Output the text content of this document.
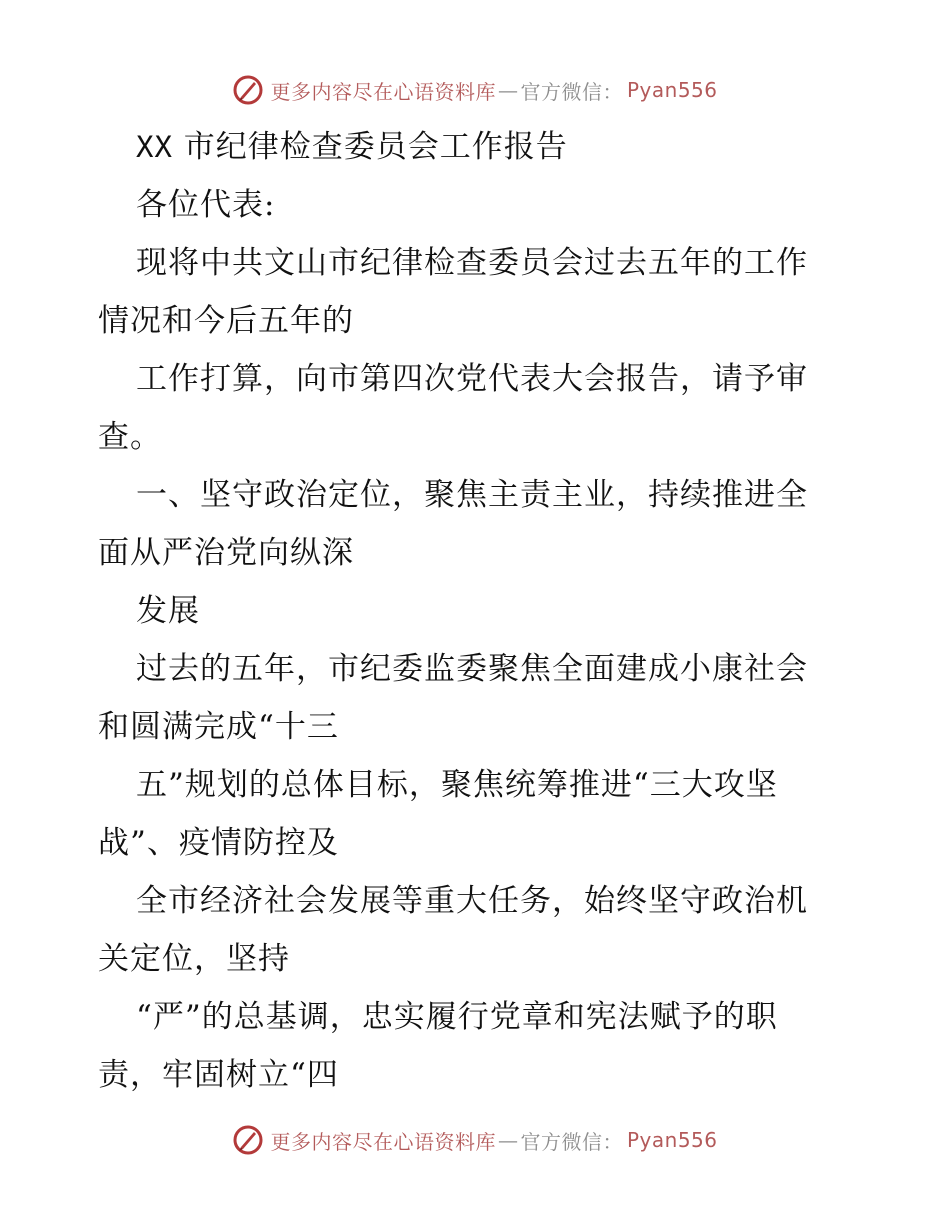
更多内容尽在心语资料库 — 官方微信： Pyan556
XX 市纪律检查委员会工作报告
各位代表:
现将中共文山市纪律检查委员会过去五年的工作
情况和今后五年的
工作打算，向市第四次党代表大会报告，请予审
查。
一、坚守政治定位，聚焦主责主业，持续推进全
面从严治党向纵深
发展
过去的五年，市纪委监委聚焦全面建成小康社会
和圆满完成“十三
五”规划的总体目标，聚焦统筹推进“三大攻坚
战”、疫情防控及
全市经济社会发展等重大任务，始终坚守政治机
关定位，坚持
“严”的总基调，忠实履行党章和宪法赋予的职
责，牢固树立“四
更多内容尽在心语资料库 — 官方微信： Pyan556
